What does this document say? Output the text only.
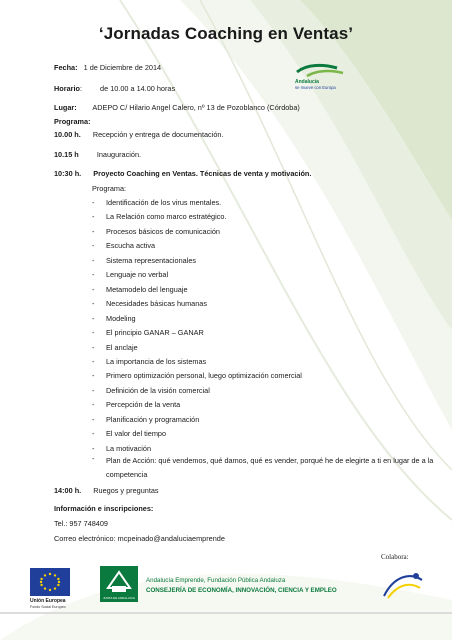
‘Jornadas Coaching en Ventas’
Andalucía
se mueve con Europa
Fecha: 1 de Diciembre de 2014
Horario: de 10.00 a 14.00 horas
Lugar: ADEPO C/ Hilario Angel Calero, nº 13 de Pozoblanco (Córdoba)
Programa:
10.00 h. Recepción y entrega de documentación.
10.15 h Inauguración.
10:30 h. Proyecto Coaching en Ventas. Técnicas de venta y motivación.
Programa:
- Identificación de los virus mentales.
- La Relación como marco estratégico.
- Procesos básicos de comunicación
- Escucha activa
- Sistema representacionales
- Lenguaje no verbal
- Metamodelo del lenguaje
- Necesidades básicas humanas
- Modeling
- El principio GANAR – GANAR
- El anclaje
- La importancia de los sistemas
- Primero optimización personal, luego optimización comercial
- Definición de la visión comercial
- Percepción de la venta
- Planificación y programación
- El valor del tiempo
- La motivación
-	Plan de Acción: qué vendemos, qué damos, qué es vender, porqué he de elegirte a ti en lugar de a la competencia
14:00 h. Ruegos y preguntas
Información e inscripciones:
Tel.: 957 748409
Correo electrónico: mcpeinado@andaluciaemprende
Unión Europea
Fondo Social Europeo
JUNTA DE ANDALUCIA
Andalucía Emprende, Fundación Pública Andaluza
CONSEJERÍA DE ECONOMÍA, INNOVACIÓN, CIENCIA Y EMPLEO
Colabora:
